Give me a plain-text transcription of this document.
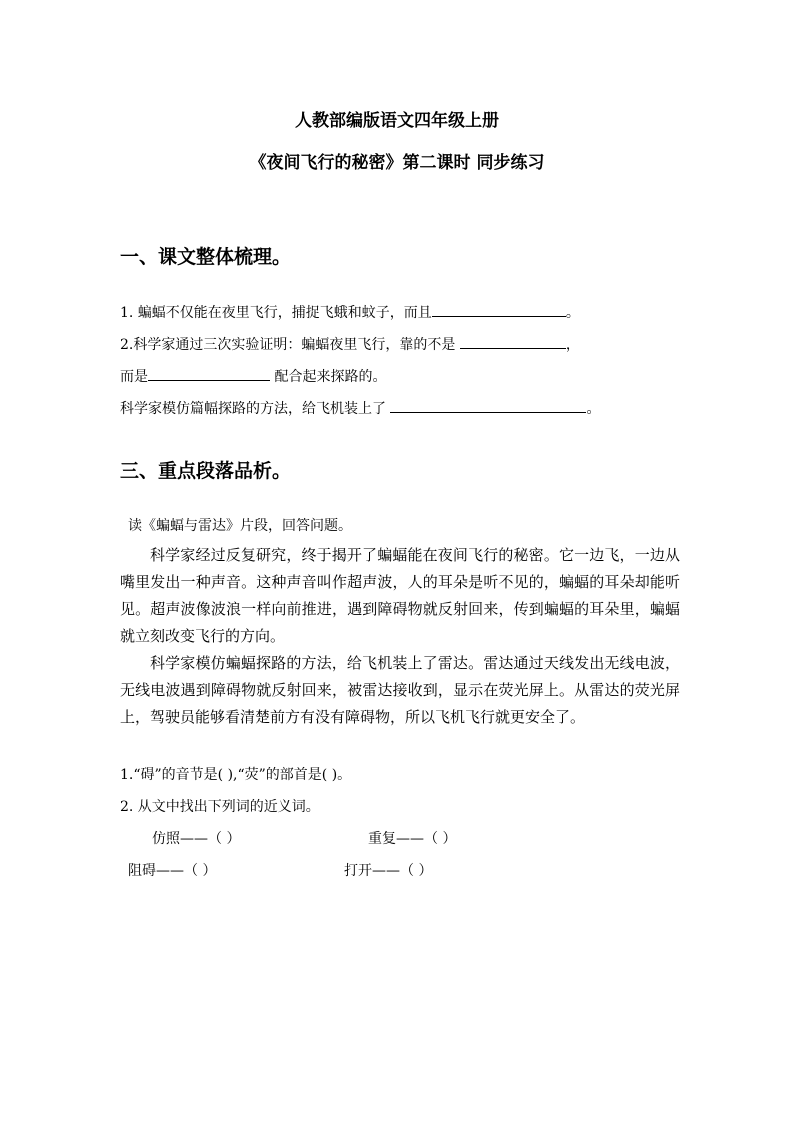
人教部编版语文四年级上册
《夜间飞行的秘密》第二课时 同步练习
一、课文整体梳理。
1. 蝙蝠不仅能在夜里飞行，捕捉飞蛾和蚊子，而且	。
2.科学家通过三次实验证明：蝙蝠夜里飞行，靠的不是	，
而是	配合起来探路的。
科学家模仿篇幅探路的方法，给飞机装上了	。
三、重点段落品析。
读《蝙蝠与雷达》片段，回答问题。

科学家经过反复研究，终于揭开了蝙蝠能在夜间飞行的秘密。它一边飞，一边从嘴里发出一种声音。这种声音叫作超声波，人的耳朵是听不见的，蝙蝠的耳朵却能听见。超声波像波浪一样向前推进，遇到障碍物就反射回来，传到蝙蝠的耳朵里，蝙蝠就立刻改变飞行的方向。

科学家模仿蝙蝠探路的方法，给飞机装上了雷达。雷达通过天线发出无线电波，无线电波遇到障碍物就反射回来，被雷达接收到，显示在荧光屏上。从雷达的荧光屏上，驾驶员能够看清楚前方有没有障碍物，所以飞机飞行就更安全了。

1.“碍”的音节是( ),“荧”的部首是( )。
2. 从文中找出下列词的近义词。
仿照——（ ）	重复——（ ）
阻碍——（ ）	打开——（ ）
